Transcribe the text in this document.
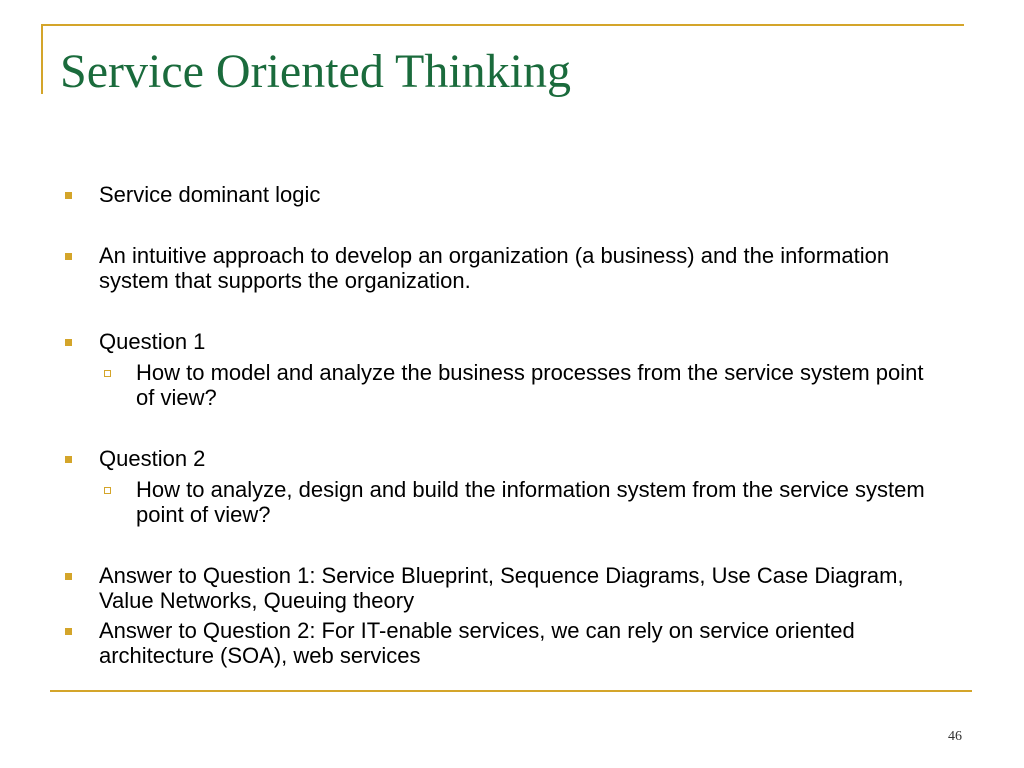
Service Oriented Thinking
Service dominant logic
An intuitive approach to develop an organization (a business) and the information system that supports the organization.
Question 1
How to model and analyze the business processes from the service system point of view?
Question 2
How to analyze, design and build the information system from the service system point of view?
Answer to Question 1: Service Blueprint, Sequence Diagrams, Use Case Diagram, Value Networks, Queuing theory
Answer to Question 2: For IT-enable services, we can rely on service oriented architecture (SOA), web services
46
